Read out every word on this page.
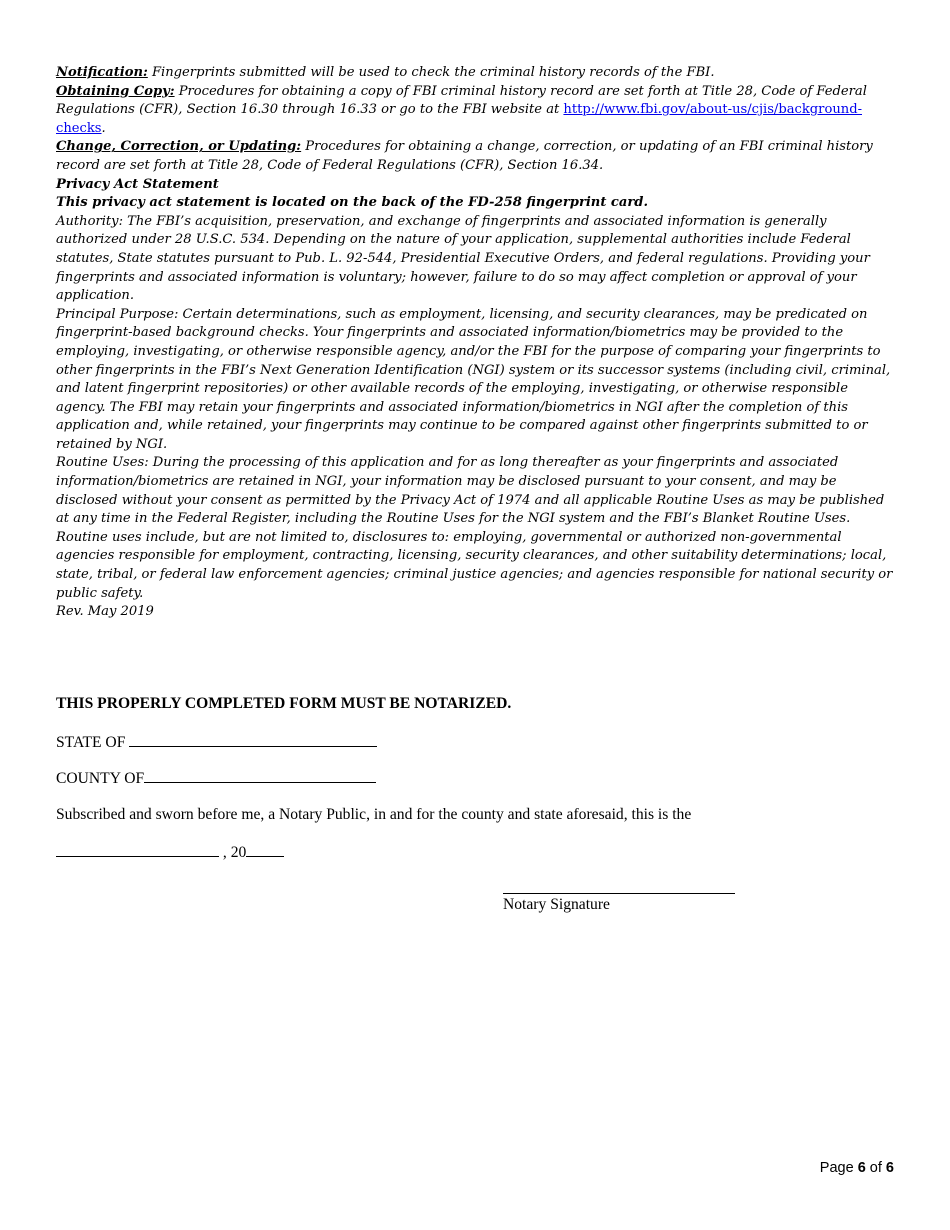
Notification: Fingerprints submitted will be used to check the criminal history records of the FBI.

Obtaining Copy: Procedures for obtaining a copy of FBI criminal history record are set forth at Title 28, Code of Federal Regulations (CFR), Section 16.30 through 16.33 or go to the FBI website at http://www.fbi.gov/about-us/cjis/background-checks.

Change, Correction, or Updating: Procedures for obtaining a change, correction, or updating of an FBI criminal history record are set forth at Title 28, Code of Federal Regulations (CFR), Section 16.34.

Privacy Act Statement

This privacy act statement is located on the back of the FD-258 fingerprint card.

Authority: The FBI’s acquisition, preservation, and exchange of fingerprints and associated information is generally authorized under 28 U.S.C. 534. Depending on the nature of your application, supplemental authorities include Federal statutes, State statutes pursuant to Pub. L. 92-544, Presidential Executive Orders, and federal regulations. Providing your fingerprints and associated information is voluntary; however, failure to do so may affect completion or approval of your application.

Principal Purpose: Certain determinations, such as employment, licensing, and security clearances, may be predicated on fingerprint-based background checks. Your fingerprints and associated information/biometrics may be provided to the employing, investigating, or otherwise responsible agency, and/or the FBI for the purpose of comparing your fingerprints to other fingerprints in the FBI’s Next Generation Identification (NGI) system or its successor systems (including civil, criminal, and latent fingerprint repositories) or other available records of the employing, investigating, or otherwise responsible agency. The FBI may retain your fingerprints and associated information/biometrics in NGI after the completion of this application and, while retained, your fingerprints may continue to be compared against other fingerprints submitted to or retained by NGI.

Routine Uses: During the processing of this application and for as long thereafter as your fingerprints and associated information/biometrics are retained in NGI, your information may be disclosed pursuant to your consent, and may be disclosed without your consent as permitted by the Privacy Act of 1974 and all applicable Routine Uses as may be published at any time in the Federal Register, including the Routine Uses for the NGI system and the FBI’s Blanket Routine Uses. Routine uses include, but are not limited to, disclosures to: employing, governmental or authorized non-governmental agencies responsible for employment, contracting, licensing, security clearances, and other suitability determinations; local, state, tribal, or federal law enforcement agencies; criminal justice agencies; and agencies responsible for national security or public safety.

Rev. May 2019

THIS PROPERLY COMPLETED FORM MUST BE NOTARIZED.
STATE OF
COUNTY OF
Subscribed and sworn before me, a Notary Public, in and for the county and state aforesaid, this is the
, 20
Notary Signature
Page 6 of 6
